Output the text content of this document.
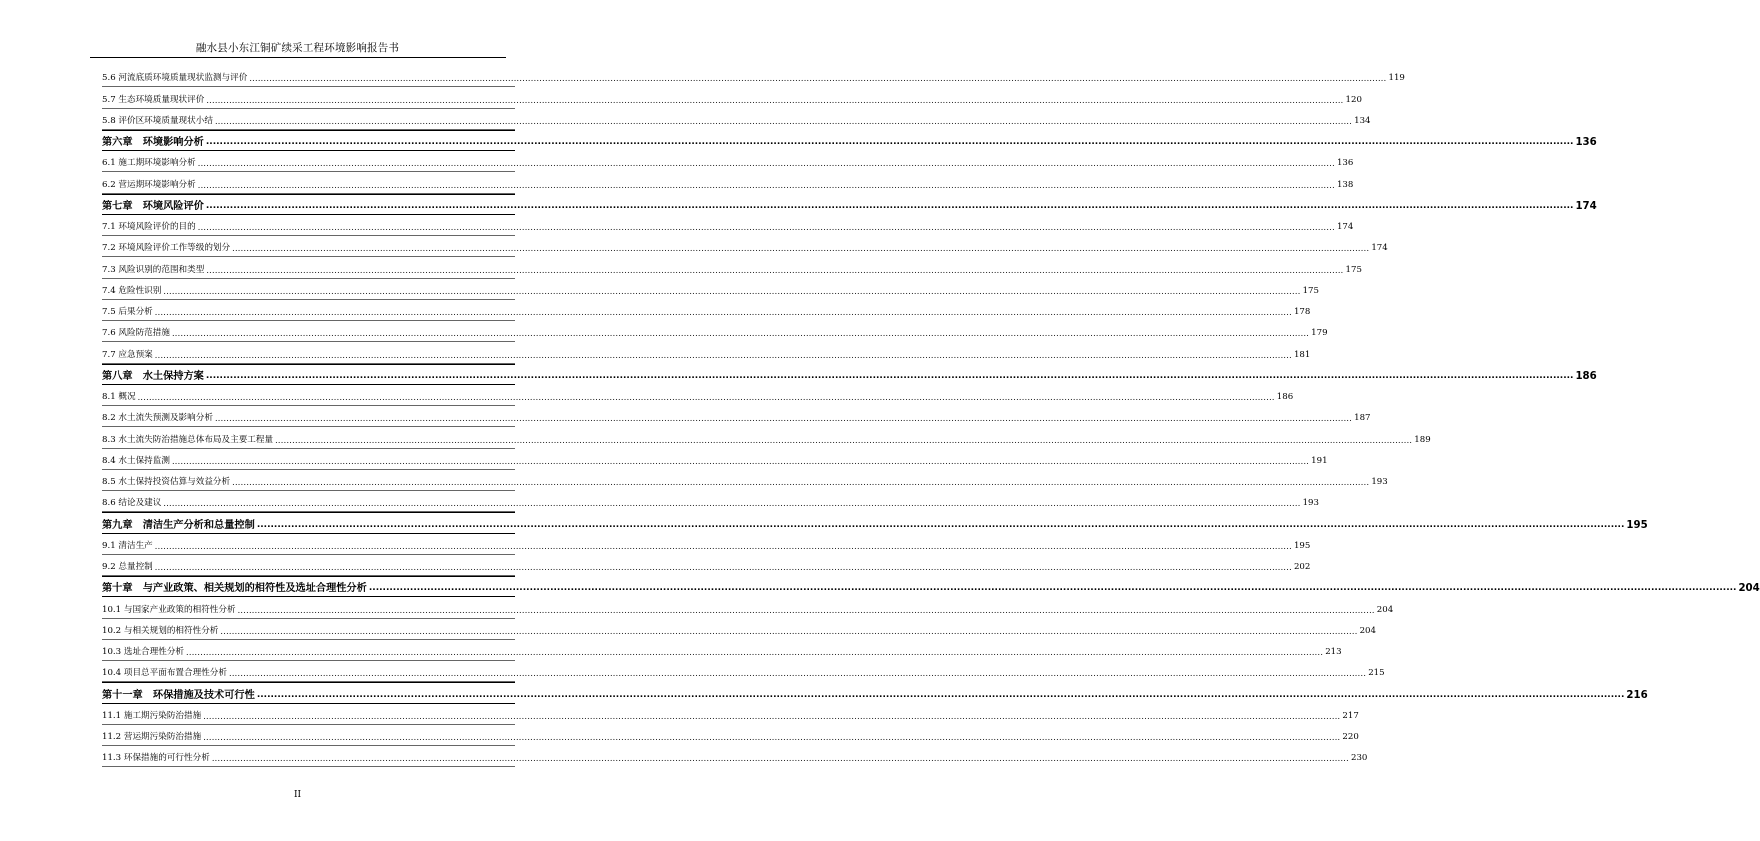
融水县小东江铜矿续采工程环境影响报告书
5.6 河流底质环境质量现状监测与评价 ................................................................................................................................................................................................................................................................................................................................................................................................................ 119
5.7 生态环境质量现状评价 ................................................................................................................................................................................................................................................................................................................................................................................................................ 120
5.8 评价区环境质量现状小结 ................................................................................................................................................................................................................................................................................................................................................................................................................ 134
第六章　环境影响分析 ................................................................................................................................................................................................................................................................................................................................................................................................................ 136
6.1 施工期环境影响分析 ................................................................................................................................................................................................................................................................................................................................................................................................................ 136
6.2 营运期环境影响分析 ................................................................................................................................................................................................................................................................................................................................................................................................................ 138
第七章　环境风险评价 ................................................................................................................................................................................................................................................................................................................................................................................................................ 174
7.1 环境风险评价的目的 ................................................................................................................................................................................................................................................................................................................................................................................................................ 174
7.2 环境风险评价工作等级的划分 ................................................................................................................................................................................................................................................................................................................................................................................................................ 174
7.3 风险识别的范围和类型 ................................................................................................................................................................................................................................................................................................................................................................................................................ 175
7.4 危险性识别 ................................................................................................................................................................................................................................................................................................................................................................................................................ 175
7.5 后果分析 ................................................................................................................................................................................................................................................................................................................................................................................................................ 178
7.6 风险防范措施 ................................................................................................................................................................................................................................................................................................................................................................................................................ 179
7.7 应急预案 ................................................................................................................................................................................................................................................................................................................................................................................................................ 181
第八章　水土保持方案 ................................................................................................................................................................................................................................................................................................................................................................................................................ 186
8.1 概况 ................................................................................................................................................................................................................................................................................................................................................................................................................ 186
8.2 水土流失预测及影响分析 ................................................................................................................................................................................................................................................................................................................................................................................................................ 187
8.3 水土流失防治措施总体布局及主要工程量 ................................................................................................................................................................................................................................................................................................................................................................................................................ 189
8.4 水土保持监测 ................................................................................................................................................................................................................................................................................................................................................................................................................ 191
8.5 水土保持投资估算与效益分析 ................................................................................................................................................................................................................................................................................................................................................................................................................ 193
8.6 结论及建议 ................................................................................................................................................................................................................................................................................................................................................................................................................ 193
第九章　清洁生产分析和总量控制 ................................................................................................................................................................................................................................................................................................................................................................................................................ 195
9.1 清洁生产 ................................................................................................................................................................................................................................................................................................................................................................................................................ 195
9.2 总量控制 ................................................................................................................................................................................................................................................................................................................................................................................................................ 202
第十章　与产业政策、相关规划的相符性及选址合理性分析 ................................................................................................................................................................................................................................................................................................................................................................................................................ 204
10.1 与国家产业政策的相符性分析 ................................................................................................................................................................................................................................................................................................................................................................................................................ 204
10.2 与相关规划的相符性分析 ................................................................................................................................................................................................................................................................................................................................................................................................................ 204
10.3 选址合理性分析 ................................................................................................................................................................................................................................................................................................................................................................................................................ 213
10.4 项目总平面布置合理性分析 ................................................................................................................................................................................................................................................................................................................................................................................................................ 215
第十一章　环保措施及技术可行性 ................................................................................................................................................................................................................................................................................................................................................................................................................ 216
11.1 施工期污染防治措施 ................................................................................................................................................................................................................................................................................................................................................................................................................ 217
11.2 营运期污染防治措施 ................................................................................................................................................................................................................................................................................................................................................................................................................ 220
11.3 环保措施的可行性分析 ................................................................................................................................................................................................................................................................................................................................................................................................................ 230
II
